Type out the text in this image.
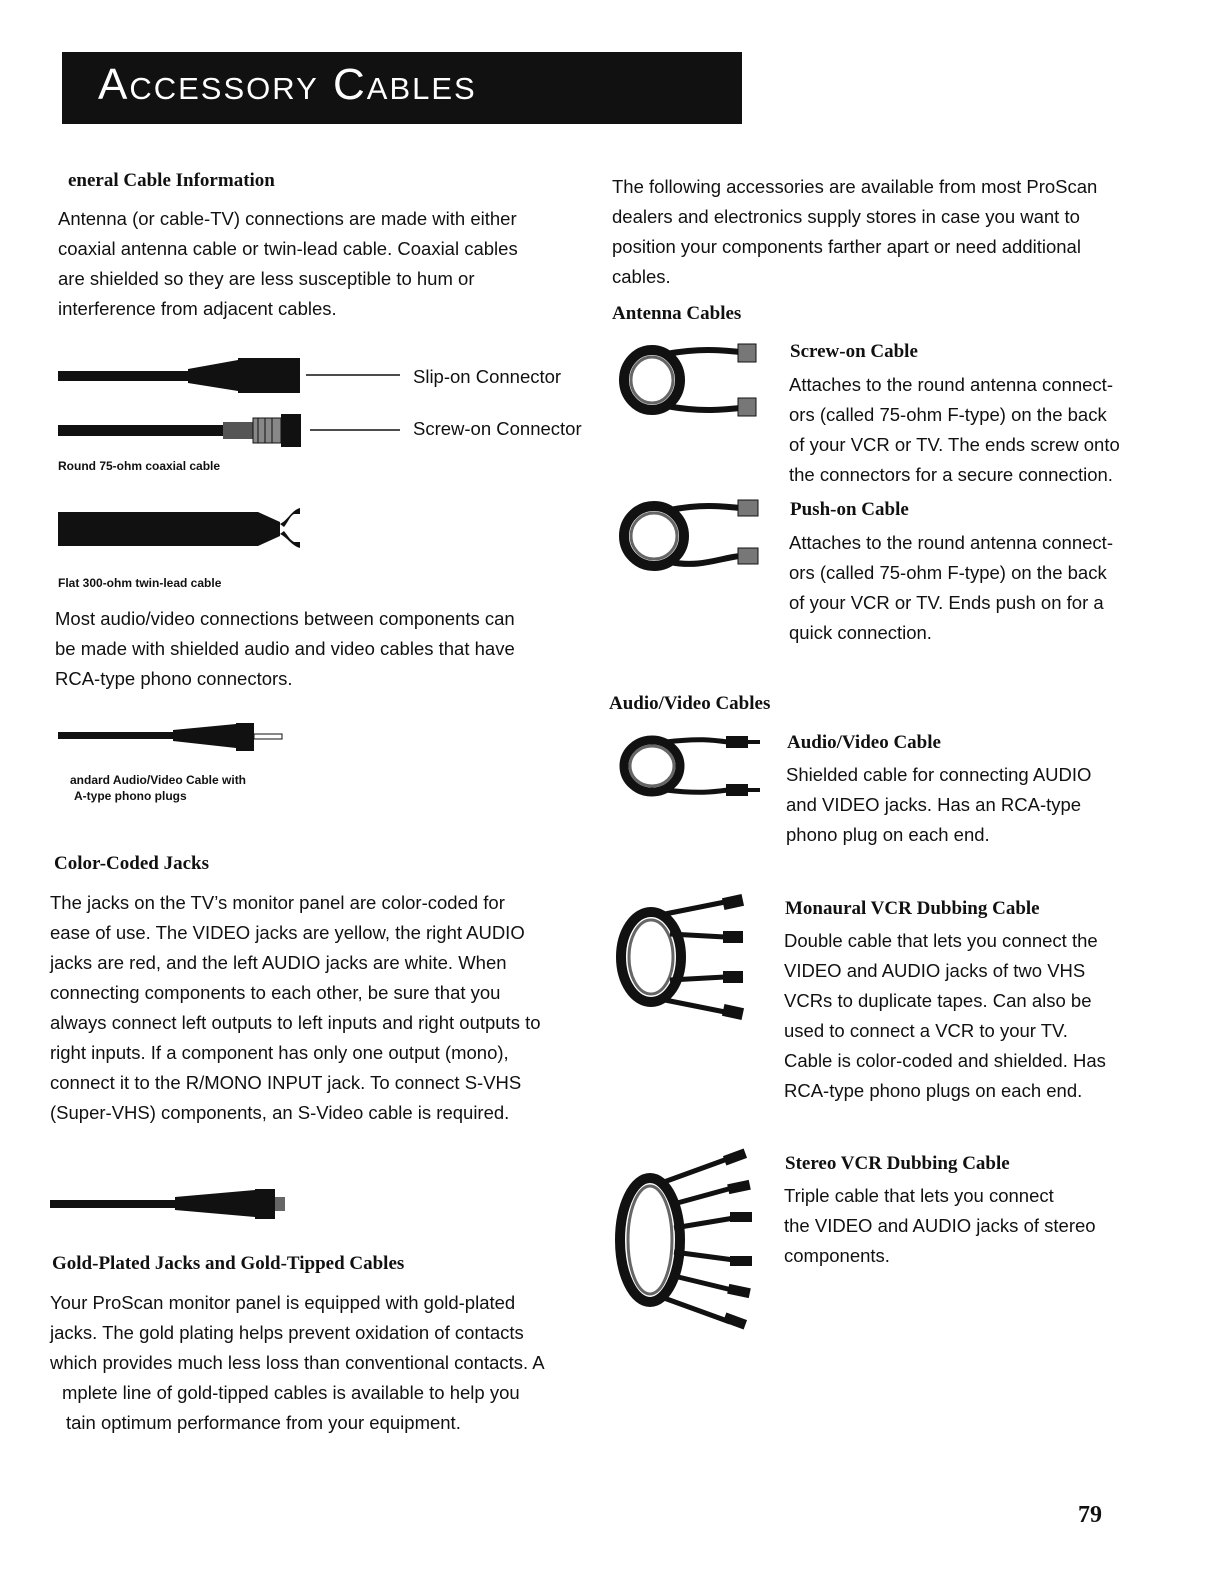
Accessory Cables
eneral Cable Information

Antenna (or cable-TV) connections are made with either

coaxial antenna cable or twin-lead cable. Coaxial cables

are shielded so they are less susceptible to hum or

interference from adjacent cables.

Slip-on Connector
Screw-on Connector
Round 75-ohm coaxial cable
Flat 300-ohm twin-lead cable

Most audio/video connections between components can

be made with shielded audio and video cables that have

RCA-type phono connectors.

andard Audio/Video Cable with
A-type phono plugs
Color-Coded Jacks

The jacks on the TV’s monitor panel are color-coded for

ease of use. The VIDEO jacks are yellow, the right AUDIO

jacks are red, and the left AUDIO jacks are white. When

connecting components to each other, be sure that you

always connect left outputs to left inputs and right outputs to

right inputs. If a component has only one output (mono),

connect it to the R/MONO INPUT jack. To connect S-VHS

(Super-VHS) components, an S-Video cable is required.

Gold-Plated Jacks and Gold-Tipped Cables

Your ProScan monitor panel is equipped with gold-plated

jacks. The gold plating helps prevent oxidation of contacts

which provides much less loss than conventional contacts. A

mplete line of gold-tipped cables is available to help you

tain optimum performance from your equipment.

The following accessories are available from most ProScan

dealers and electronics supply stores in case you want to

position your components farther apart or need additional

cables.

Antenna Cables
Screw-on Cable

Attaches to the round antenna connect-

ors (called 75-ohm F-type) on the back

of your VCR or TV. The ends screw onto

the connectors for a secure connection.

Push-on Cable

Attaches to the round antenna connect-

ors (called 75-ohm F-type) on the back

of your VCR or TV. Ends push on for a

quick connection.

Audio/Video Cables
Audio/Video Cable

Shielded cable for connecting AUDIO

and VIDEO jacks. Has an RCA-type

phono plug on each end.

Monaural VCR Dubbing Cable

Double cable that lets you connect the

VIDEO and AUDIO jacks of two VHS

VCRs to duplicate tapes. Can also be

used to connect a VCR to your TV.

Cable is color-coded and shielded. Has

RCA-type phono plugs on each end.

Stereo VCR Dubbing Cable

Triple cable that lets you connect

the VIDEO and AUDIO jacks of stereo

components.

79
